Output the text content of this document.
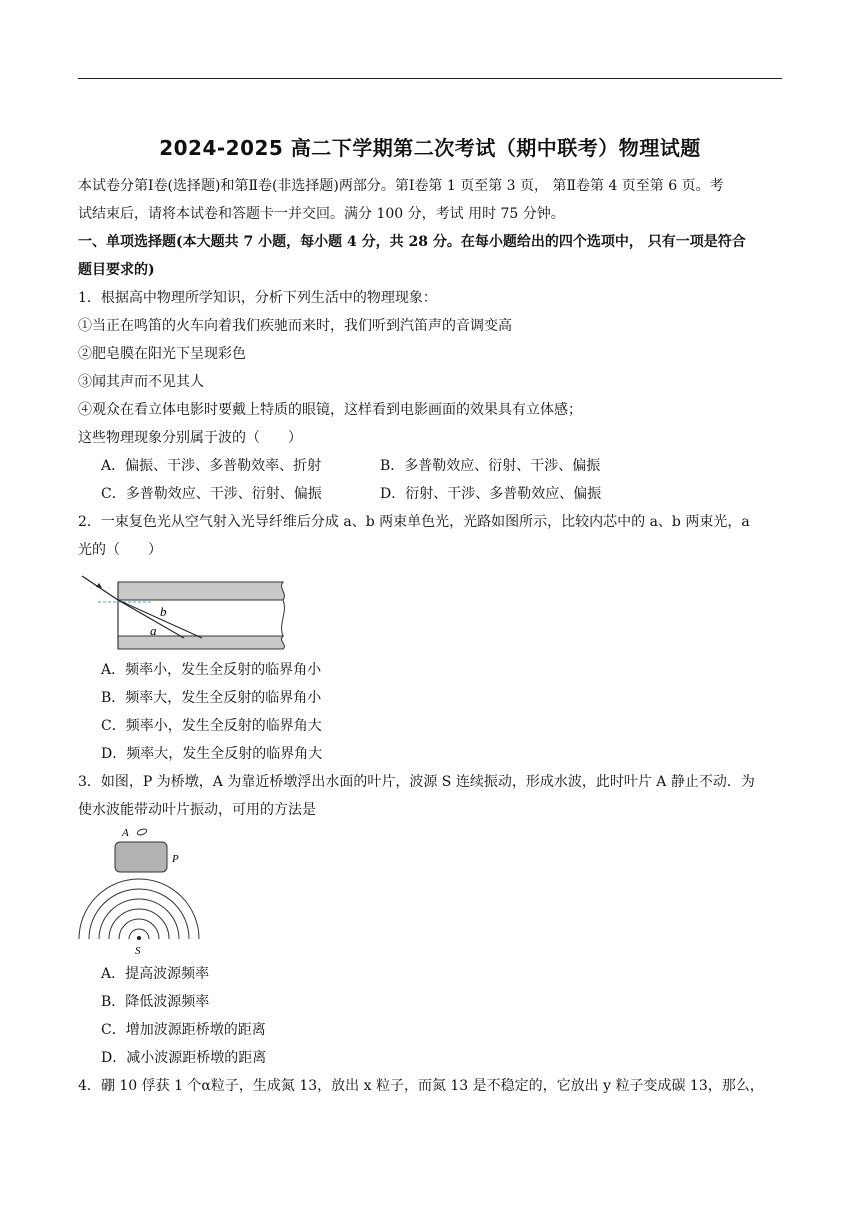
2024-2025 高二下学期第二次考试（期中联考）物理试题
本试卷分第Ⅰ卷(选择题)和第Ⅱ卷(非选择题)两部分。第Ⅰ卷第 1 页至第 3 页， 第Ⅱ卷第 4 页至第 6 页。考
试结束后，请将本试卷和答题卡一并交回。满分 100 分，考试 用时 75 分钟。
一、单项选择题(本大题共 7 小题，每小题 4 分，共 28 分。在每小题给出的四个选项中， 只有一项是符合
题目要求的)
1．根据高中物理所学知识，分析下列生活中的物理现象：
①当正在鸣笛的火车向着我们疾驰而来时，我们听到汽笛声的音调变高
②肥皂膜在阳光下呈现彩色
③闻其声而不见其人
④观众在看立体电影时要戴上特质的眼镜，这样看到电影画面的效果具有立体感；
这些物理现象分别属于波的（　　）
A．偏振、干涉、多普勒效率、折射	B．多普勒效应、衍射、干涉、偏振
C．多普勒效应、干涉、衍射、偏振	D．衍射、干涉、多普勒效应、偏振
2．一束复色光从空气射入光导纤维后分成 a、b 两束单色光，光路如图所示，比较内芯中的 a、b 两束光，a
光的（　　）
b
a
A．频率小，发生全反射的临界角小
B．频率大，发生全反射的临界角小
C．频率小，发生全反射的临界角大
D．频率大，发生全反射的临界角大
3．如图，P 为桥墩，A 为靠近桥墩浮出水面的叶片，波源 S 连续振动，形成水波，此时叶片 A 静止不动．为
使水波能带动叶片振动，可用的方法是
A
P
S
A．提高波源频率
B．降低波源频率
C．增加波源距桥墩的距离
D．减小波源距桥墩的距离
4．硼 10 俘获 1 个α粒子，生成氮 13，放出 x 粒子，而氮 13 是不稳定的，它放出 y 粒子变成碳 13，那么，
